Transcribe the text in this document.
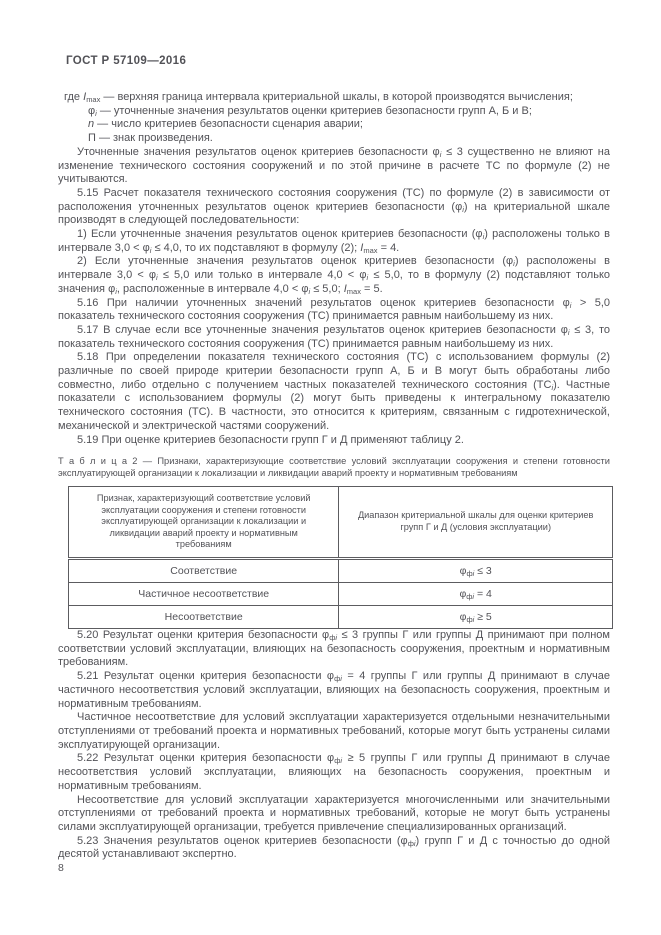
ГОСТ Р 57109—2016

где $I_{max}$ — верхняя граница интервала критериальной шкалы, в которой производятся вычисления;

$\varphi_i$ — уточненные значения результатов оценки критериев безопасности групп А, Б и В;

n — число критериев безопасности сценария аварии;

П — знак произведения.

Уточненные значения результатов оценок критериев безопасности $\varphi_i \le 3$ существенно не влияют на изменение технического состояния сооружений и по этой причине в расчете ТС по формуле (2) не учитываются.

5.15 Расчет показателя технического состояния сооружения (ТС) по формуле (2) в зависимости от расположения уточненных результатов оценок критериев безопасности $(\varphi_i)$ на критериальной шкале производят в следующей последовательности:

1) Если уточненные значения результатов оценок критериев безопасности $(\varphi_i)$ расположены только в интервале $3,0 < \varphi_i \le 4,0$, то их подставляют в формулу (2); $I_{max} = 4$.

2) Если уточненные значения результатов оценок критериев безопасности $(\varphi_i)$ расположены в интервале $3,0 < \varphi_i \le 5,0$ или только в интервале $4,0 < \varphi_i \le 5,0$, то в формулу (2) подставляют только значения $\varphi_i$, расположенные в интервале $4,0 < \varphi_i \le 5,0$; $I_{max} = 5$.

5.16 При наличии уточненных значений результатов оценок критериев безопасности $\varphi_i > 5,0$ показатель технического состояния сооружения (ТС) принимается равным наибольшему из них.

5.17 В случае если все уточненные значения результатов оценок критериев безопасности $\varphi_i \le 3$, то показатель технического состояния сооружения (ТС) принимается равным наибольшему из них.

5.18 При определении показателя технического состояния (ТС) с использованием формулы (2) различные по своей природе критерии безопасности групп А, Б и В могут быть обработаны либо совместно, либо отдельно с получением частных показателей технического состояния $(ТС_i)$. Частные показатели с использованием формулы (2) могут быть приведены к интегральному показателю технического состояния (ТС). В частности, это относится к критериям, связанным с гидротехнической, механической и электрической частями сооружений.

5.19 При оценке критериев безопасности групп Г и Д применяют таблицу 2.

Т а б л и ц а 2 — Признаки, характеризующие соответствие условий эксплуатации сооружения и степени готовности эксплуатирующей организации к локализации и ликвидации аварий проекту и нормативным требованиям

Признак, характеризующий соответствие условий эксплуатации сооружения и степени готовности эксплуатирующей организации к локализации и ликвидации аварий проекту и нормативным требованиям	Диапазон критериальной шкалы для оценки критериев групп Г и Д (условия эксплуатации)
Соответствие	$\varphi_{фi} \le 3$
Частичное несоответствие	$\varphi_{фi} = 4$
Несоответствие	$\varphi_{фi} \ge 5$

5.20 Результат оценки критерия безопасности $\varphi_{фi} \le 3$ группы Г или группы Д принимают при полном соответствии условий эксплуатации, влияющих на безопасность сооружения, проектным и нормативным требованиям.

5.21 Результат оценки критерия безопасности $\varphi_{фi} = 4$ группы Г или группы Д принимают в случае частичного несоответствия условий эксплуатации, влияющих на безопасность сооружения, проектным и нормативным требованиям.

Частичное несоответствие для условий эксплуатации характеризуется отдельными незначительными отступлениями от требований проекта и нормативных требований, которые могут быть устранены силами эксплуатирующей организации.

5.22 Результат оценки критерия безопасности $\varphi_{фi} \ge 5$ группы Г или группы Д принимают в случае несоответствия условий эксплуатации, влияющих на безопасность сооружения, проектным и нормативным требованиям.

Несоответствие для условий эксплуатации характеризуется многочисленными или значительными отступлениями от требований проекта и нормативных требований, которые не могут быть устранены силами эксплуатирующей организации, требуется привлечение специализированных организаций.

5.23 Значения результатов оценок критериев безопасности $(\varphi_{фi})$ групп Г и Д с точностью до одной десятой устанавливают экспертно.

8
